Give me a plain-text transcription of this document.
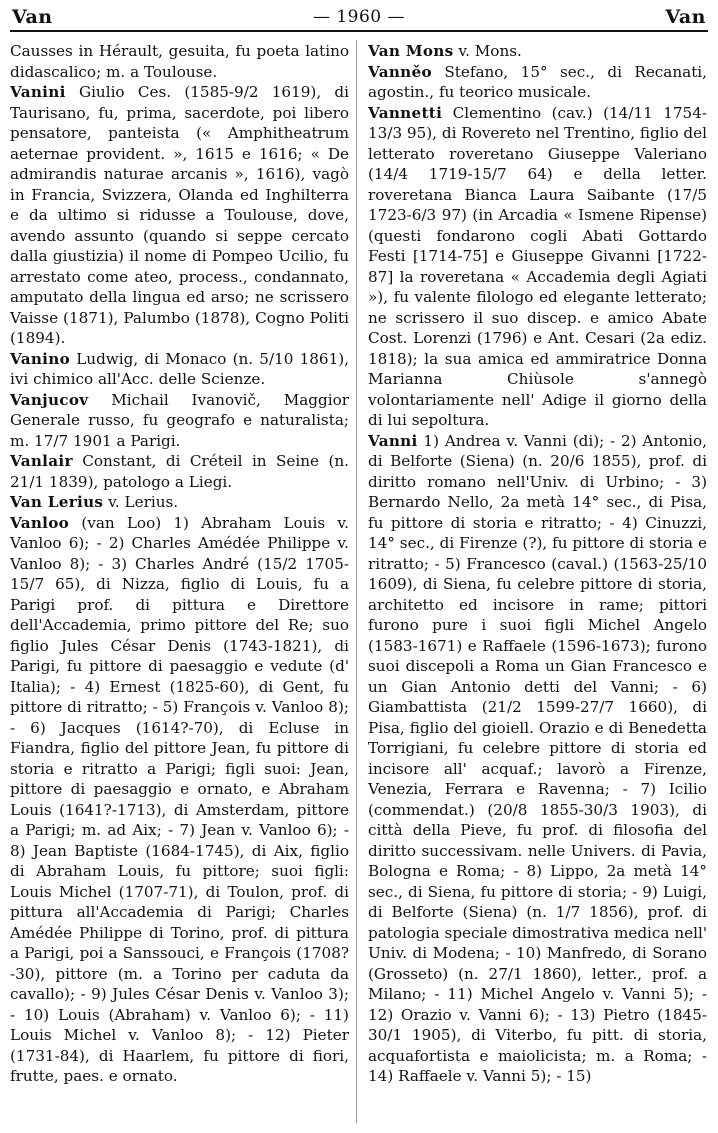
Van	— 1960 —	Van

Causses in Hérault, gesuita, fu poeta latino didascalico; m. a Toulouse.

Vanini Giulio Ces. (1585-9/2 1619), di Taurisano, fu, prima, sacerdote, poi libero pensatore, panteista (« Amphitheatrum aeternae provident. », 1615 e 1616; « De admirandis naturae arcanis », 1616), vagò in Francia, Svizzera, Olanda ed Inghilterra e da ultimo si ridusse a Toulouse, dove, avendo assunto (quando si seppe cercato dalla giustizia) il nome di Pompeo Ucilio, fu arrestato come ateo, process., condannato, amputato della lingua ed arso; ne scrissero Vaisse (1871), Palumbo (1878), Cogno Politi (1894).

Vanino Ludwig, di Monaco (n. 5/10 1861), ivi chimico all'Acc. delle Scienze.

Vanjucov Michail Ivanovič, Maggior Generale russo, fu geografo e naturalista; m. 17/7 1901 a Parigi.

Vanlair Constant, di Créteil in Seine (n. 21/1 1839), patologo a Liegi.

Van Lerius v. Lerius.

Vanloo (van Loo) 1) Abraham Louis v. Vanloo 6); - 2) Charles Amédée Philippe v. Vanloo 8); - 3) Charles André (15/2 1705-15/7 65), di Nizza, figlio di Louis, fu a Parigi prof. di pittura e Direttore dell'Accademia, primo pittore del Re; suo figlio Jules César Denis (1743-1821), di Parigi, fu pittore di paesaggio e vedute (d' Italia); - 4) Ernest (1825-60), di Gent, fu pittore di ritratto; - 5) François v. Vanloo 8); - 6) Jacques (1614?-70), di Ecluse in Fiandra, figlio del pittore Jean, fu pittore di storia e ritratto a Parigi; figli suoi: Jean, pittore di paesaggio e ornato, e Abraham Louis (1641?-1713), di Amsterdam, pittore a Parigi; m. ad Aix; - 7) Jean v. Vanloo 6); - 8) Jean Baptiste (1684-1745), di Aix, figlio di Abraham Louis, fu pittore; suoi figli: Louis Michel (1707-71), di Toulon, prof. di pittura all'Accademia di Parigi; Charles Amédée Philippe di Torino, prof. di pittura a Parigi, poi a Sanssouci, e François (1708?-30), pittore (m. a Torino per caduta da cavallo); - 9) Jules César Denis v. Vanloo 3); - 10) Louis (Abraham) v. Vanloo 6); - 11) Louis Michel v. Vanloo 8); - 12) Pieter (1731-84), di Haarlem, fu pittore di fiori, frutte, paes. e ornato.

Van Mons v. Mons.

Vanněo Stefano, 15° sec., di Recanati, agostin., fu teorico musicale.

Vannetti Clementino (cav.) (14/11 1754-13/3 95), di Rovereto nel Trentino, figlio del letterato roveretano Giuseppe Valeriano (14/4 1719-15/7 64) e della letter. roveretana Bianca Laura Saibante (17/5 1723-6/3 97) (in Arcadia « Ismene Ripense) (questi fondarono cogli Abati Gottardo Festi [1714-75] e Giuseppe Givanni [1722-87] la roveretana « Accademia degli Agiati »), fu valente filologo ed elegante letterato; ne scrissero il suo discep. e amico Abate Cost. Lorenzi (1796) e Ant. Cesari (2a ediz. 1818); la sua amica ed ammiratrice Donna Marianna Chiùsole s'annegò volontariamente nell' Adige il giorno della di lui sepoltura.

Vanni 1) Andrea v. Vanni (di); - 2) Antonio, di Belforte (Siena) (n. 20/6 1855), prof. di diritto romano nell'Univ. di Urbino; - 3) Bernardo Nello, 2a metà 14° sec., di Pisa, fu pittore di storia e ritratto; - 4) Cinuzzi, 14° sec., di Firenze (?), fu pittore di storia e ritratto; - 5) Francesco (caval.) (1563-25/10 1609), di Siena, fu celebre pittore di storia, architetto ed incisore in rame; pittori furono pure i suoi figli Michel Angelo (1583-1671) e Raffaele (1596-1673); furono suoi discepoli a Roma un Gian Francesco e un Gian Antonio detti del Vanni; - 6) Giambattista (21/2 1599-27/7 1660), di Pisa, figlio del gioiell. Orazio e di Benedetta Torrigiani, fu celebre pittore di storia ed incisore all' acquaf.; lavorò a Firenze, Venezia, Ferrara e Ravenna; - 7) Icilio (commendat.) (20/8 1855-30/3 1903), di città della Pieve, fu prof. di filosofia del diritto successivam. nelle Univers. di Pavia, Bologna e Roma; - 8) Lippo, 2a metà 14° sec., di Siena, fu pittore di storia; - 9) Luigi, di Belforte (Siena) (n. 1/7 1856), prof. di patologia speciale dimostrativa medica nell' Univ. di Modena; - 10) Manfredo, di Sorano (Grosseto) (n. 27/1 1860), letter., prof. a Milano; - 11) Michel Angelo v. Vanni 5); - 12) Orazio v. Vanni 6); - 13) Pietro (1845-30/1 1905), di Viterbo, fu pitt. di storia, acquafortista e maiolicista; m. a Roma; - 14) Raffaele v. Vanni 5); - 15)
